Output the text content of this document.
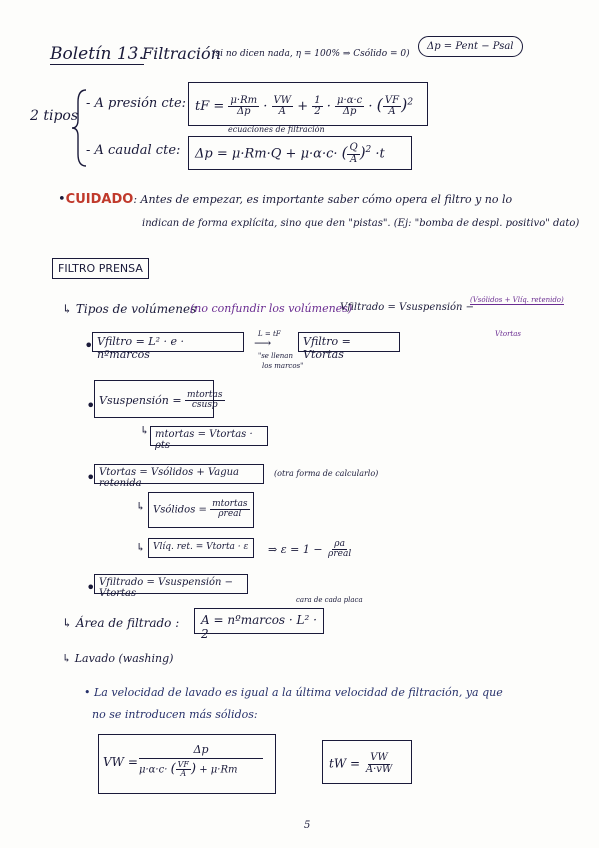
Boletín 13.
Filtración
(si no dicen nada, η = 100% ⇒ Csólido = 0)
Δp = Pent − Psal
2 tipos
- A presión cte: tF = $\frac{\mu\cdot Rm}{\Delta p} \cdot \frac{VW}{A} + \frac{1}{2} \cdot \frac{\mu\cdot\alpha\cdot c}{\Delta p}$ · ( $\frac{VF}{A} )^2$
ecuaciones de filtración
- A caudal cte: Δp = μ·Rm·Q + μ·α·c· ( $\frac{Q}{A} )^2 \cdot t$
•CUIDADO: Antes de empezar, es importante saber cómo opera el filtro y no lo
indican de forma explícita, sino que den "pistas". (Ej: "bomba de despl. positivo" dato)
FILTRO PRENSA
↳ Tipos de volúmenes
(no confundir los volúmenes)
Vfiltrado = Vsuspensión −
(Vsólidos + Vlíq. retenido)
Vtortas
• Vfiltro = L² · e · nºmarcos
L = tF
⟶
"se llenan
los marcos"
Vfiltro = Vtortas
• Vsuspensión = $\frac{\text{mtortas}}{\text{csusp}}$
↳ mtortas = Vtortas · ρts
• Vtortas = Vsólidos + Vagua retenida
(otra forma de calcularlo)
↳ Vsólidos = $\frac{\text{mtortas}}{\text{ρreal}}$
↳ Vlíq. ret. = Vtorta · ε	⇒ $\varepsilon = 1 - \frac{\rho a}{\text{ρreal}}$
• Vfiltrado = Vsuspensión − Vtortas
↳ Área de filtrado :	A = nºmarcos · L² · 2
cara de cada placa
↳ Lavado (washing)
• La velocidad de lavado es igual a la última velocidad de filtración, ya que
no se introducen más sólidos:
VW =
Δp
μ·α·c· ( $\frac{VF}{A}$ ) + μ·Rm	tW = $\frac{VW}{A\cdot vW}$
5
